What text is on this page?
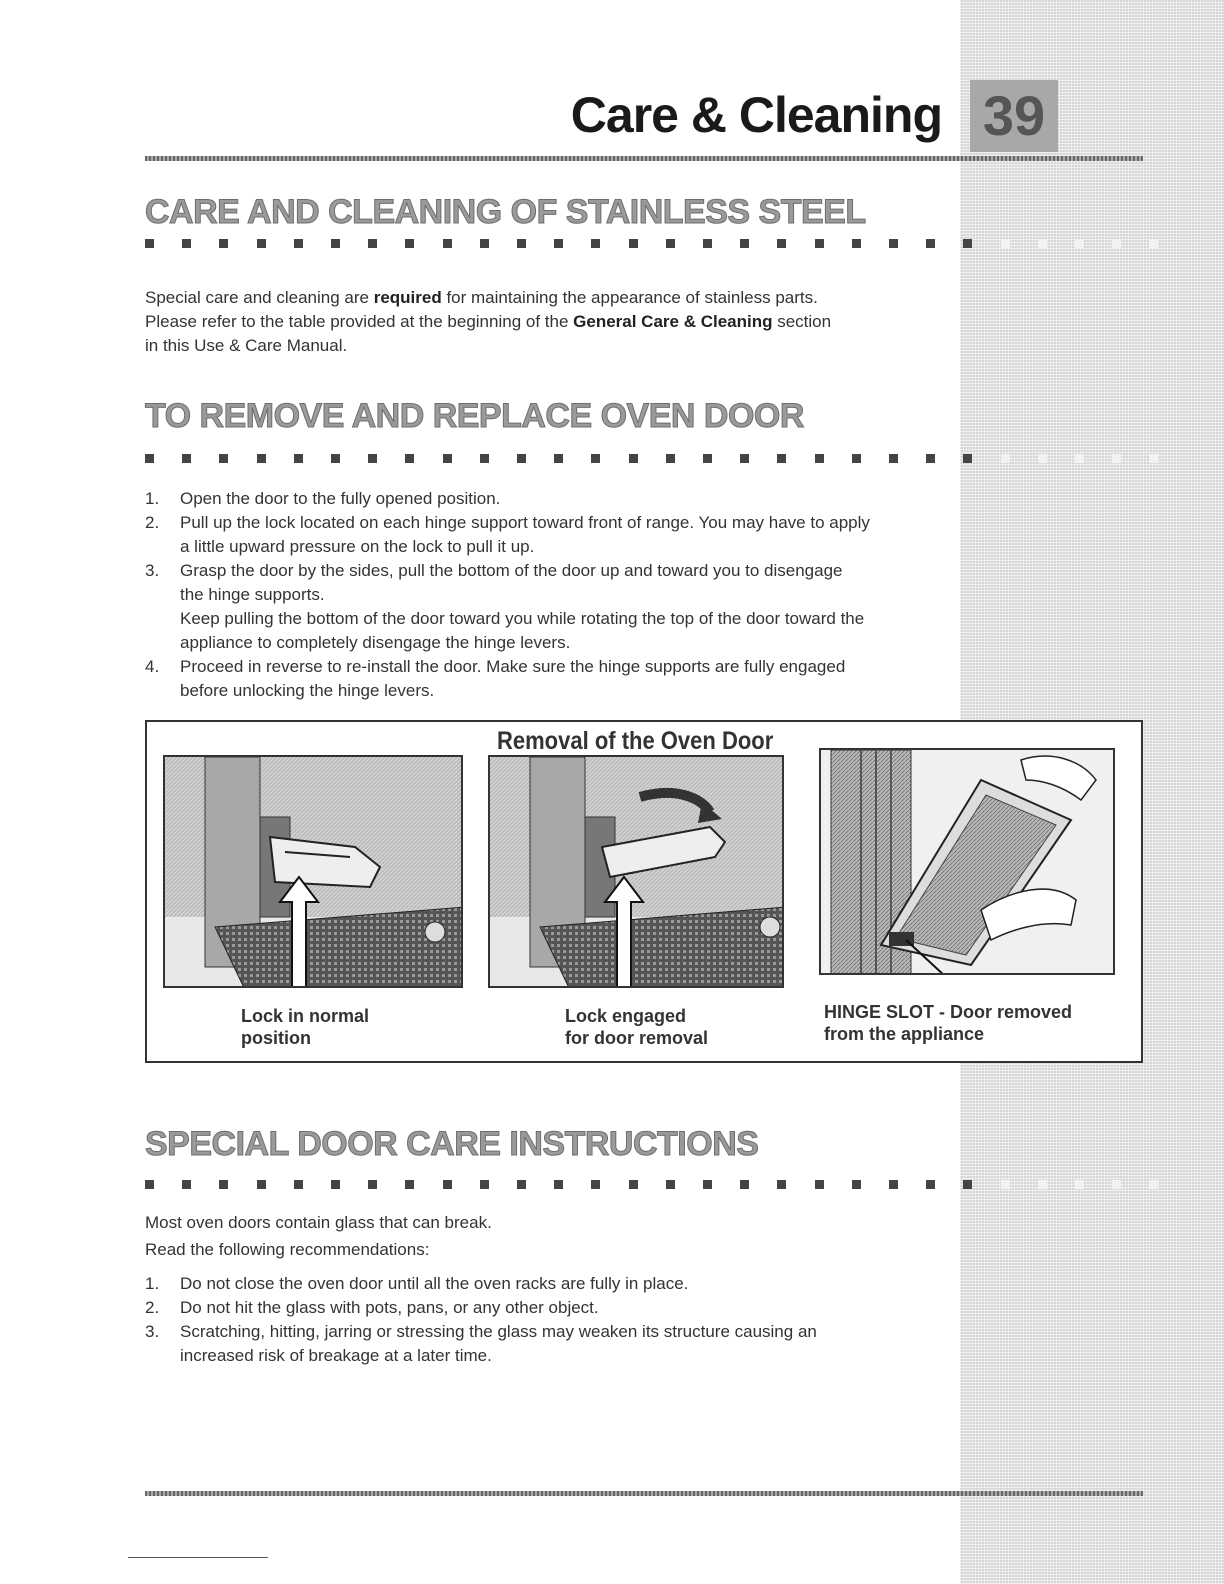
Care & Cleaning 39
CARE AND CLEANING OF STAINLESS STEEL
Special care and cleaning are required for maintaining the appearance of stainless parts.
Please refer to the table provided at the beginning of the General Care & Cleaning section
in this Use & Care Manual.
TO REMOVE AND REPLACE OVEN DOOR
1. Open the door to the fully opened position.
2. Pull up the lock located on each hinge support toward front of range. You may have to apply
a little upward pressure on the lock to pull it up.
3. Grasp the door by the sides, pull the bottom of the door up and toward you to disengage
the hinge supports.
Keep pulling the bottom of the door toward you while rotating the top of the door toward the
appliance to completely disengage the hinge levers.
4. Proceed in reverse to re-install the door. Make sure the hinge supports are fully engaged
before unlocking the hinge levers.
Removal of the Oven Door
Lock in normal
position
Lock engaged
for door removal
HINGE SLOT - Door removed
from the appliance
SPECIAL DOOR CARE INSTRUCTIONS
Most oven doors contain glass that can break.
Read the following recommendations:
1. Do not close the oven door until all the oven racks are fully in place.
2. Do not hit the glass with pots, pans, or any other object.
3. Scratching, hitting, jarring or stressing the glass may weaken its structure causing an
increased risk of breakage at a later time.
